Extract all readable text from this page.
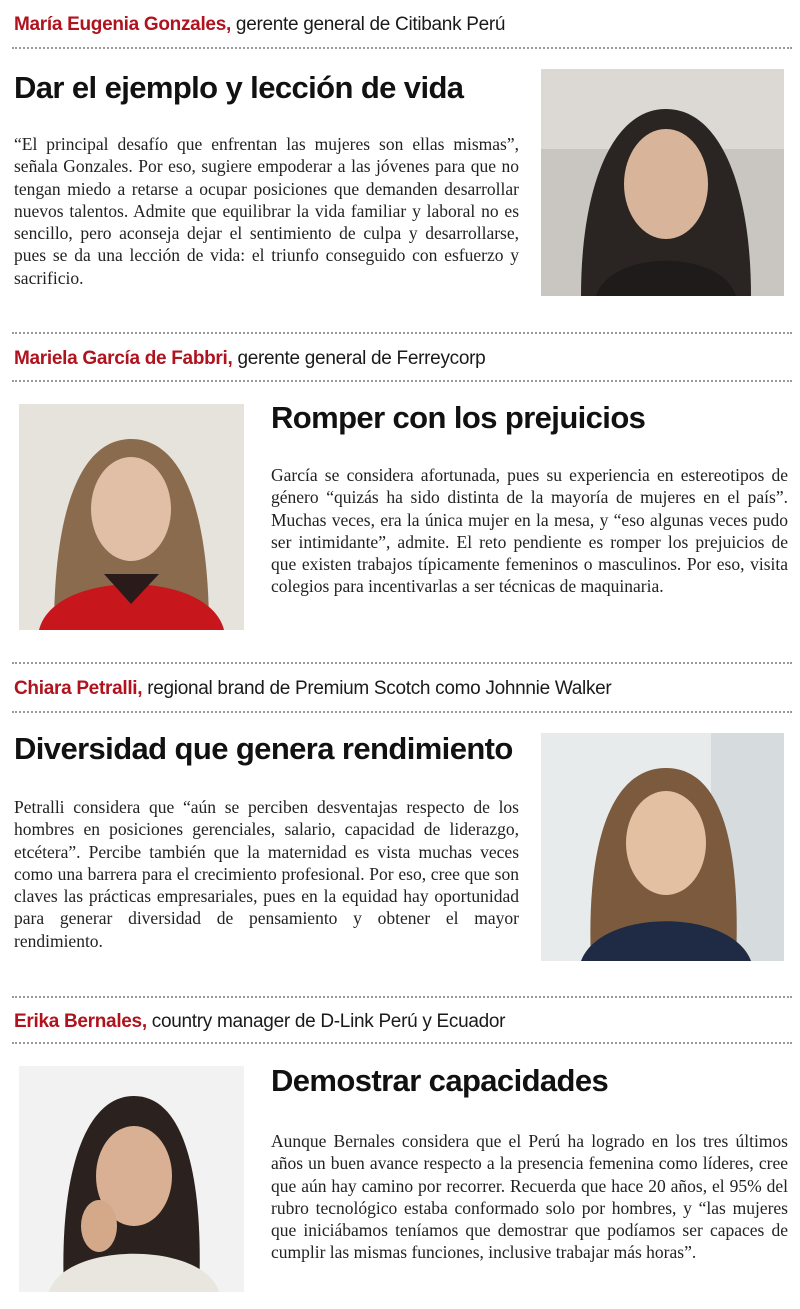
María Eugenia Gonzales, gerente general de Citibank Perú
Dar el ejemplo y lección de vida
“El principal desafío que enfrentan las mujeres son ellas mismas”, señala Gonzales. Por eso, sugiere empoderar a las jóvenes para que no tengan miedo a retarse a ocupar posiciones que demanden desarrollar nuevos talentos. Admite que equilibrar la vida familiar y laboral no es sencillo, pero aconseja dejar el sentimiento de culpa y desarrollarse, pues se da una lección de vida: el triunfo conseguido con esfuerzo y sacrificio.
Mariela García de Fabbri, gerente general de Ferreycorp
Romper con los prejuicios
García se considera afortunada, pues su experiencia en estereotipos de género “quizás ha sido distinta de la mayoría de mujeres en el país”. Muchas veces, era la única mujer en la mesa, y “eso algunas veces pudo ser intimidante”, admite. El reto pendiente es romper los prejuicios de que existen trabajos típicamente femeninos o masculinos. Por eso, visita colegios para incentivarlas a ser técnicas de maquinaria.
Chiara Petralli, regional brand de Premium Scotch como Johnnie Walker
Diversidad que genera rendimiento
Petralli considera que “aún se perciben desventajas respecto de los hombres en posiciones gerenciales, salario, capacidad de liderazgo, etcétera”. Percibe también que la maternidad es vista muchas veces como una barrera para el crecimiento profesional. Por eso, cree que son claves las prácticas empresariales, pues en la equidad hay oportunidad para generar diversidad de pensamiento y obtener el mayor rendimiento.
Erika Bernales, country manager de D-Link Perú y Ecuador
Demostrar capacidades
Aunque Bernales considera que el Perú ha logrado en los tres últimos años un buen avance respecto a la presencia femenina como líderes, cree que aún hay camino por recorrer. Recuerda que hace 20 años, el 95% del rubro tecnológico estaba conformado solo por hombres, y “las mujeres que iniciábamos teníamos que demostrar que podíamos ser capaces de cumplir las mismas funciones, inclusive trabajar más horas”.
